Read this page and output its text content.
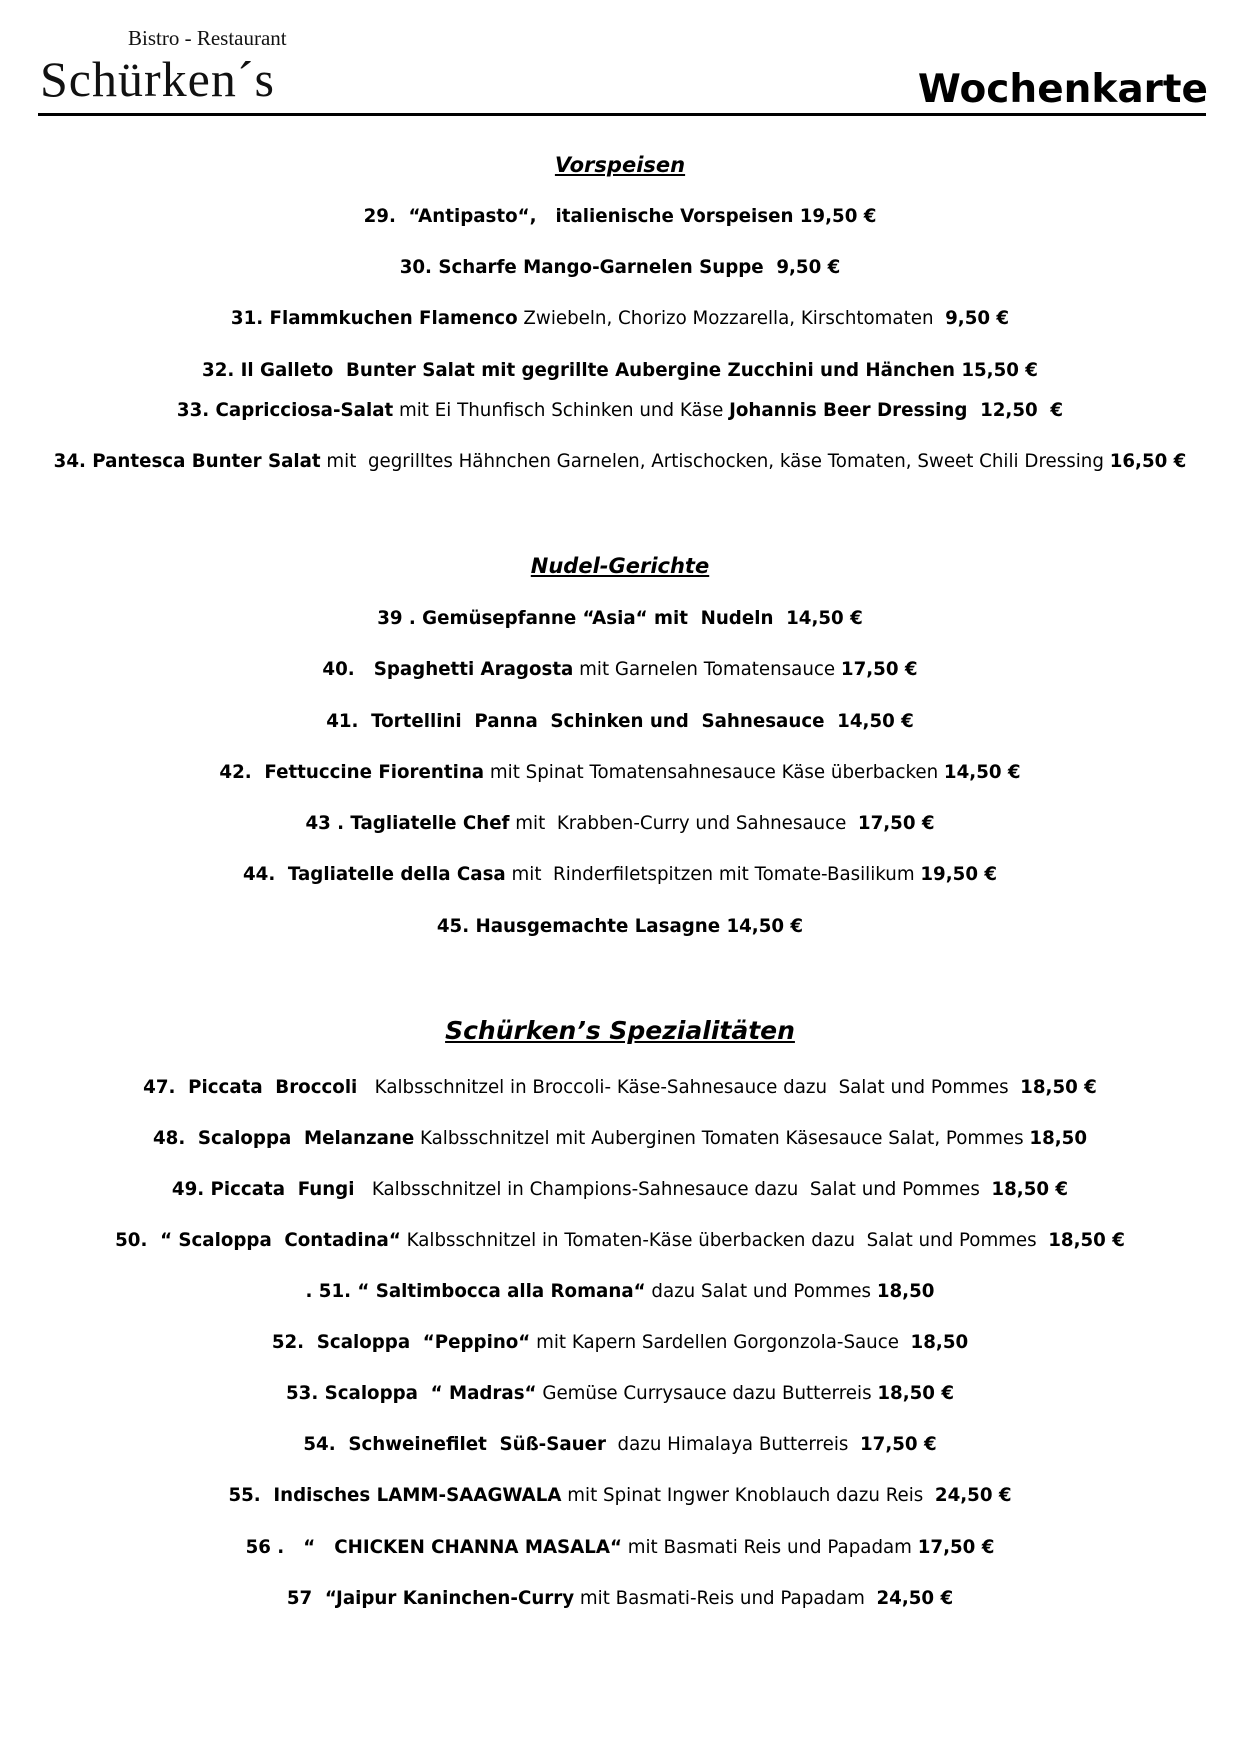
Bistro - Restaurant
Schürken´s	Wochenkarte
Vorspeisen
29.  “Antipasto“,   italienische Vorspeisen 19,50 €
30. Scharfe Mango-Garnelen Suppe  9,50 €
31. Flammkuchen Flamenco Zwiebeln, Chorizo Mozzarella, Kirschtomaten  9,50 €
32. Il Galleto  Bunter Salat mit gegrillte Aubergine Zucchini und Hänchen 15,50 €
33. Capricciosa-Salat mit Ei Thunfisch Schinken und Käse Johannis Beer Dressing  12,50  €
34. Pantesca Bunter Salat mit  gegrilltes Hähnchen Garnelen, Artischocken, käse Tomaten, Sweet Chili Dressing 16,50 €
Nudel-Gerichte
39 . Gemüsepfanne “Asia“ mit  Nudeln  14,50 €
40.   Spaghetti Aragosta mit Garnelen Tomatensauce 17,50 €
41.  Tortellini  Panna  Schinken und  Sahnesauce  14,50 €
42.  Fettuccine Fiorentina mit Spinat Tomatensahnesauce Käse überbacken 14,50 €
43 . Tagliatelle Chef mit  Krabben-Curry und Sahnesauce  17,50 €
44.  Tagliatelle della Casa mit  Rinderfiletspitzen mit Tomate-Basilikum 19,50 €
45. Hausgemachte Lasagne 14,50 €
Schürken’s Spezialitäten
47.  Piccata  Broccoli   Kalbsschnitzel in Broccoli- Käse-Sahnesauce dazu  Salat und Pommes  18,50 €
48.  Scaloppa  Melanzane Kalbsschnitzel mit Auberginen Tomaten Käsesauce Salat, Pommes 18,50
49. Piccata  Fungi   Kalbsschnitzel in Champions-Sahnesauce dazu  Salat und Pommes  18,50 €
50.  “ Scaloppa  Contadina“ Kalbsschnitzel in Tomaten-Käse überbacken dazu  Salat und Pommes  18,50 €
. 51. “ Saltimbocca alla Romana“ dazu Salat und Pommes 18,50
52.  Scaloppa  “Peppino“ mit Kapern Sardellen Gorgonzola-Sauce  18,50
53. Scaloppa  “ Madras“ Gemüse Currysauce dazu Butterreis 18,50 €
54.  Schweinefilet  Süß-Sauer  dazu Himalaya Butterreis  17,50 €
55.  Indisches LAMM-SAAGWALA mit Spinat Ingwer Knoblauch dazu Reis  24,50 €
56 .   “   CHICKEN CHANNA MASALA“ mit Basmati Reis und Papadam 17,50 €
57  “Jaipur Kaninchen-Curry mit Basmati-Reis und Papadam  24,50 €
